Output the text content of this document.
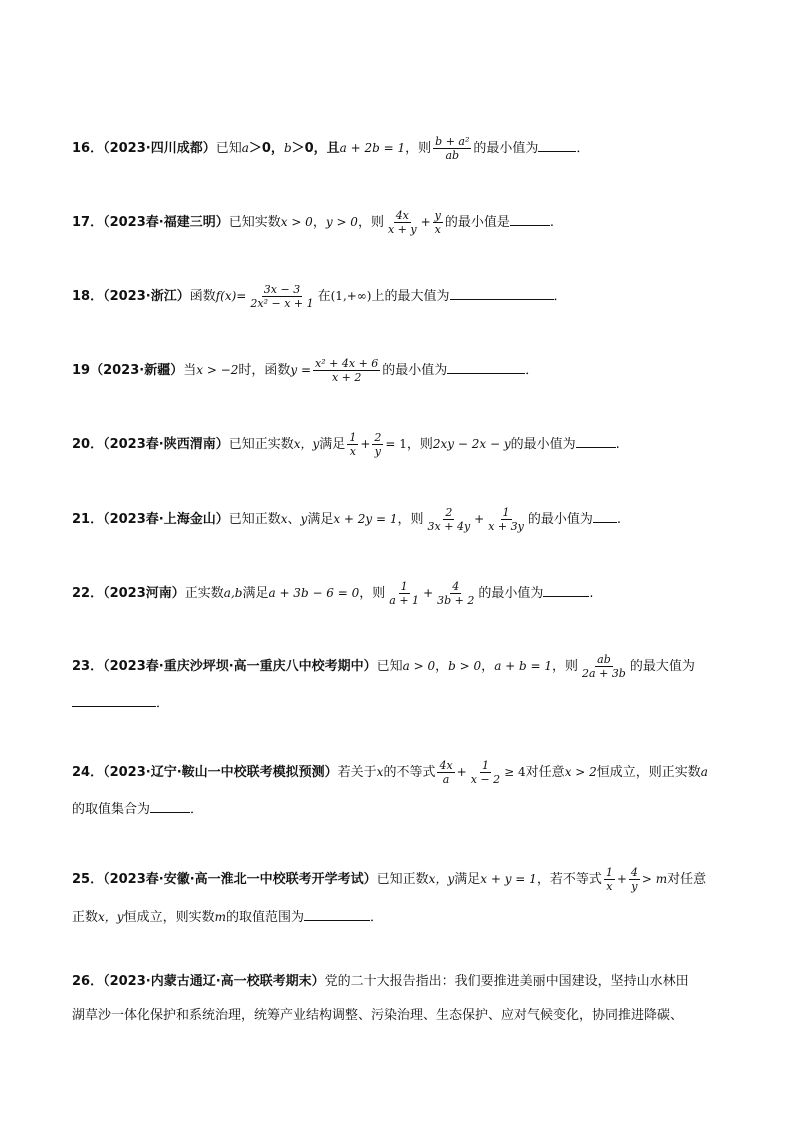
16．（2023·四川成都）已知a＞0，b＞0，且a + 2b = 1，则 $\frac{\text{b + a²}}{ab}$ 的最小值为	．
17．（2023春·福建三明）已知实数x > 0，y > 0，则 $\frac{4x}{x + y} + \frac{y}{x}$ 的最小值是	.
18．（2023·浙江）函数$f(x)= \frac{3x - 3}{\text{2x² − x + 1}}$ 在(1,+∞)上的最大值为	．
19（2023·新疆）当x > −2时，函数$y = \frac{\text{x² + 4x + 6}}{x + 2}$ 的最小值为	．
20．（2023春·陕西渭南）已知正实数x，y满足 $\frac{1}{x} + \frac{2}{y} = 1$，则2xy − 2x − y的最小值为	.
21．（2023春·上海金山）已知正数x、y满足x + 2y = 1，则 $\frac{2}{3x + 4y} + \frac{1}{x + 3y}$ 的最小值为 .
22．（2023河南）正实数a,b满足a + 3b − 6 = 0，则 $\frac{1}{a + 1} + \frac{4}{3b + 2}$ 的最小值为	.
23．（2023春·重庆沙坪坝·高一重庆八中校考期中）已知a > 0，b > 0，a + b = 1，则 $\frac{ab}{2a + 3b}$ 的最大值为
．
24．（2023·辽宁·鞍山一中校联考模拟预测）若关于x的不等式 $\frac{4x}{a} + \frac{1}{x - 2} \ge 4$对任意x > 2恒成立，则正实数a
的取值集合为	．
25．（2023春·安徽·高一淮北一中校联考开学考试）已知正数x，y满足x + y = 1，若不等式 $\frac{1}{x} + \frac{4}{y} > m$对任意
正数x，y恒成立，则实数m的取值范围为	．
26．（2023·内蒙古通辽·高一校联考期末）党的二十大报告指出：我们要推进美丽中国建设，坚持山水林田
湖草沙一体化保护和系统治理，统筹产业结构调整、污染治理、生态保护、应对气候变化，协同推进降碳、
